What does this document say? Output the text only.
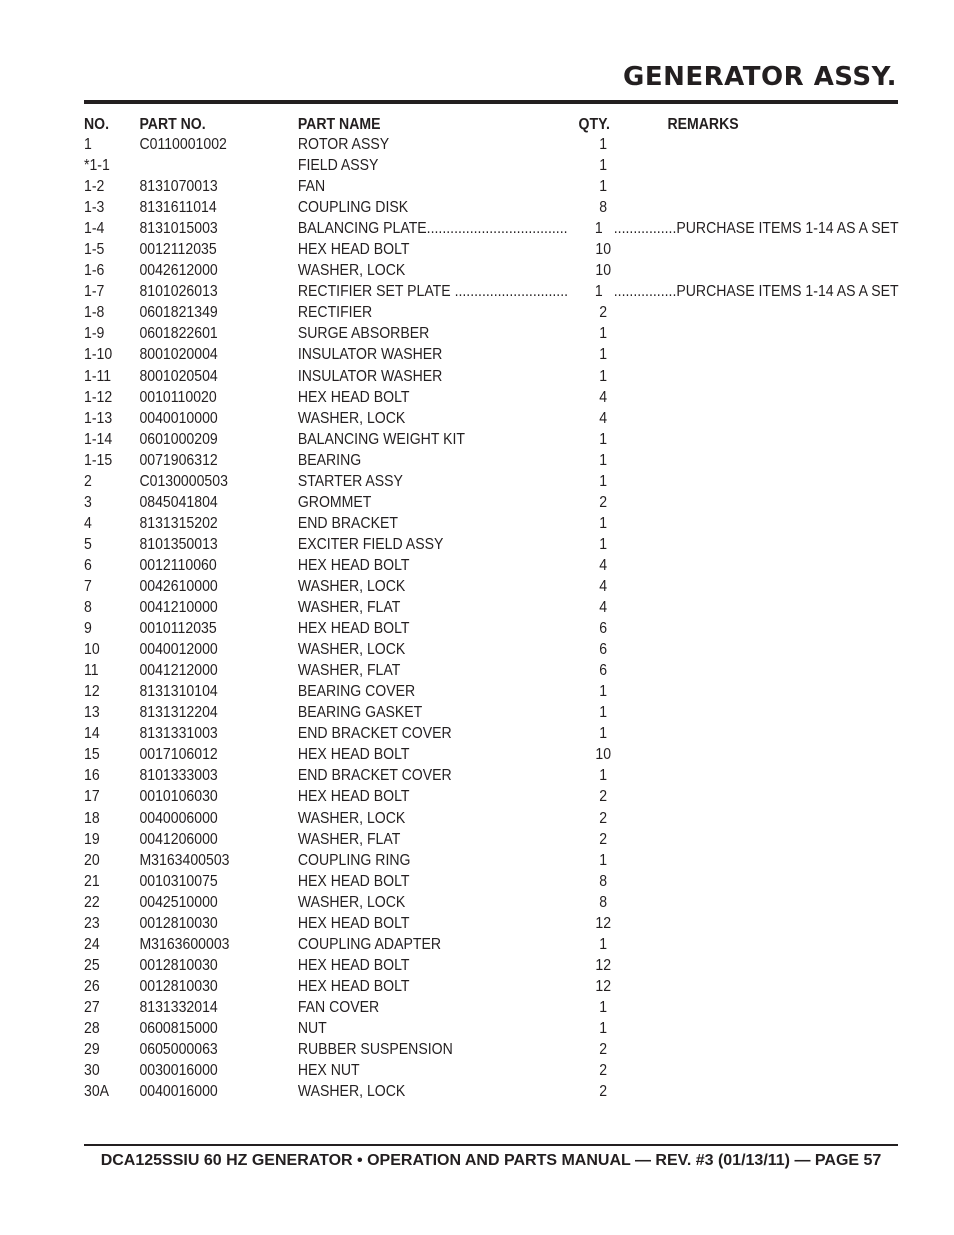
GENERATOR ASSY.
NO. PART NO.	PART NAME	QTY.	REMARKS
1	C0110001002	ROTOR ASSY	1
*1-1	FIELD ASSY	1
1-2 8131070013	FAN	1
1-3 8131611014	COUPLING DISK	8
1-4 8131015003	BALANCING PLATE....................................	1 ................PURCHASE ITEMS 1-14 AS A SET
1-5 0012112035	HEX HEAD BOLT	10
1-6 0042612000	WASHER, LOCK	10
1-7 8101026013	RECTIFIER SET PLATE .............................	1 ................PURCHASE ITEMS 1-14 AS A SET
1-8 0601821349	RECTIFIER	2
1-9 0601822601	SURGE ABSORBER	1
1-10 8001020004	INSULATOR WASHER	1
1-11 8001020504	INSULATOR WASHER	1
1-12 0010110020	HEX HEAD BOLT	4
1-13 0040010000	WASHER, LOCK	4
1-14 0601000209	BALANCING WEIGHT KIT	1
1-15 0071906312	BEARING	1
2	C0130000503	STARTER ASSY	1
3	0845041804	GROMMET	2
4	8131315202	END BRACKET	1
5	8101350013	EXCITER FIELD ASSY	1
6	0012110060	HEX HEAD BOLT	4
7	0042610000	WASHER, LOCK	4
8	0041210000	WASHER, FLAT	4
9	0010112035	HEX HEAD BOLT	6
10 0040012000	WASHER, LOCK	6
11	0041212000	WASHER, FLAT	6
12 8131310104	BEARING COVER	1
13 8131312204	BEARING GASKET	1
14 8131331003	END BRACKET COVER	1
15 0017106012	HEX HEAD BOLT	10
16 8101333003	END BRACKET COVER	1
17 0010106030	HEX HEAD BOLT	2
18 0040006000	WASHER, LOCK	2
19 0041206000	WASHER, FLAT	2
20 M3163400503	COUPLING RING	1
21 0010310075	HEX HEAD BOLT	8
22 0042510000	WASHER, LOCK	8
23 0012810030	HEX HEAD BOLT	12
24 M3163600003	COUPLING ADAPTER	1
25 0012810030	HEX HEAD BOLT	12
26 0012810030	HEX HEAD BOLT	12
27 8131332014	FAN COVER	1
28 0600815000	NUT	1
29 0605000063	RUBBER SUSPENSION	2
30 0030016000	HEX NUT	2
30A 0040016000	WASHER, LOCK	2
DCA125SSIU 60 HZ GENERATOR • OPERATION AND PARTS MANUAL — REV. #3 (01/13/11) — PAGE 57
